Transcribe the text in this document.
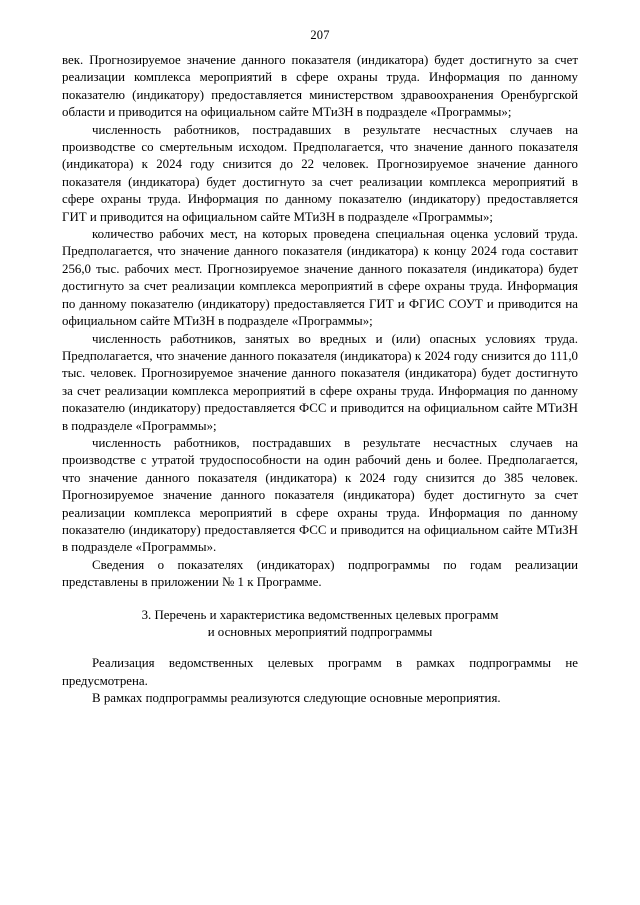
207

век. Прогнозируемое значение данного показателя (индикатора) будет достигнуто за счет реализации комплекса мероприятий в сфере охраны труда. Информация по данному показателю (индикатору) предоставляется министерством здравоохранения Оренбургской области и приводится на официальном сайте МТиЗН в подразделе «Программы»;

численность работников, пострадавших в результате несчастных случаев на производстве со смертельным исходом. Предполагается, что значение данного показателя (индикатора) к 2024 году снизится до 22 человек. Прогнозируемое значение данного показателя (индикатора) будет достигнуто за счет реализации комплекса мероприятий в сфере охраны труда. Информация по данному показателю (индикатору) предоставляется ГИТ и приводится на официальном сайте МТиЗН в подразделе «Программы»;

количество рабочих мест, на которых проведена специальная оценка условий труда. Предполагается, что значение данного показателя (индикатора) к концу 2024 года составит 256,0 тыс. рабочих мест. Прогнозируемое значение данного показателя (индикатора) будет достигнуто за счет реализации комплекса мероприятий в сфере охраны труда. Информация по данному показателю (индикатору) предоставляется ГИТ и ФГИС СОУТ и приводится на официальном сайте МТиЗН в подразделе «Программы»;

численность работников, занятых во вредных и (или) опасных условиях труда. Предполагается, что значение данного показателя (индикатора) к 2024 году снизится до 111,0 тыс. человек. Прогнозируемое значение данного показателя (индикатора) будет достигнуто за счет реализации комплекса мероприятий в сфере охраны труда. Информация по данному показателю (индикатору) предоставляется ФСС и приводится на официальном сайте МТиЗН в подразделе «Программы»;

численность работников, пострадавших в результате несчастных случаев на производстве с утратой трудоспособности на один рабочий день и более. Предполагается, что значение данного показателя (индикатора) к 2024 году снизится до 385 человек. Прогнозируемое значение данного показателя (индикатора) будет достигнуто за счет реализации комплекса мероприятий в сфере охраны труда. Информация по данному показателю (индикатору) предоставляется ФСС и приводится на официальном сайте МТиЗН в подразделе «Программы».

Сведения о показателях (индикаторах) подпрограммы по годам реализации представлены в приложении № 1 к Программе.

3. Перечень и характеристика ведомственных целевых программ
и основных мероприятий подпрограммы

Реализация ведомственных целевых программ в рамках подпрограммы не предусмотрена.

В рамках подпрограммы реализуются следующие основные мероприятия.
